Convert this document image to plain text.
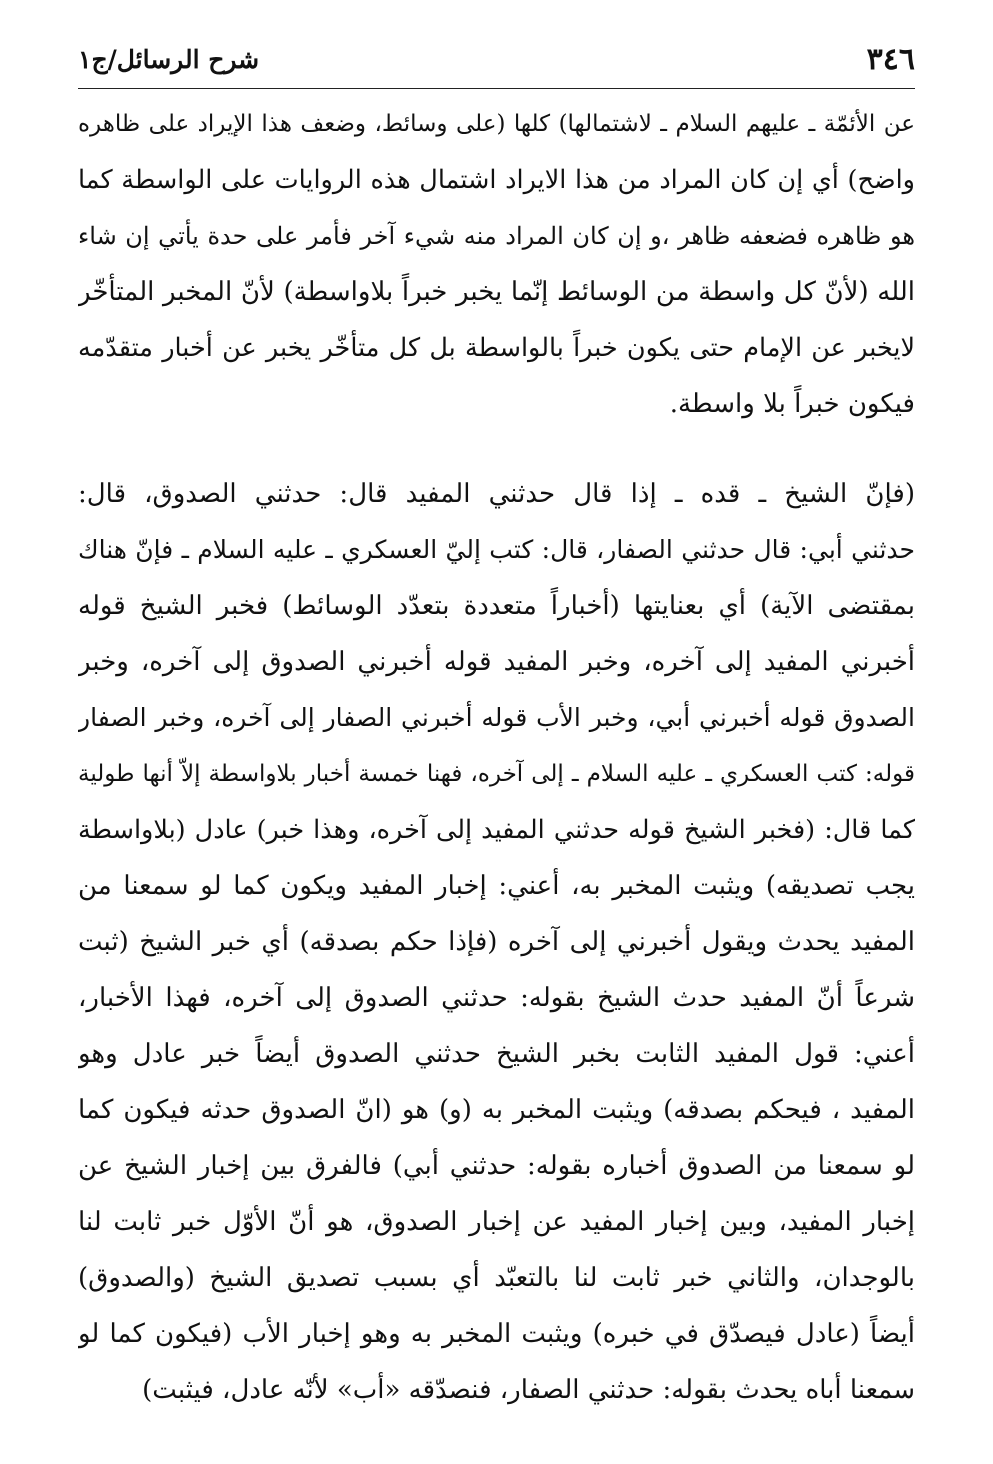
٣٤٦
شرح الرسائل/ج١
عن الأئمّة ـ عليهم السلام ـ لاشتمالها) كلها (على وسائط، وضعف هذا الإيراد على ظاهره
واضح) أي إن كان المراد من هذا الايراد اشتمال هذه الروايات على الواسطة كما
هو ظاهره فضعفه ظاهر ،و إن كان المراد منه شيء آخر فأمر على حدة يأتي إن شاء
الله (لأنّ كل واسطة من الوسائط إنّما يخبر خبراً بلاواسطة) لأنّ المخبر المتأخّر
لايخبر عن الإمام حتى يكون خبراً بالواسطة بل كل متأخّر يخبر عن أخبار متقدّمه
فيكون خبراً بلا واسطة.
(فإنّ الشيخ ـ قده ـ إذا قال حدثني المفيد قال: حدثني الصدوق، قال:
حدثني أبي: قال حدثني الصفار، قال: كتب إليّ العسكري ـ عليه السلام ـ فإنّ هناك
بمقتضى الآية) أي بعنايتها (أخباراً متعددة بتعدّد الوسائط) فخبر الشيخ قوله
أخبرني المفيد إلى آخره، وخبر المفيد قوله أخبرني الصدوق إلى آخره، وخبر
الصدوق قوله أخبرني أبي، وخبر الأب قوله أخبرني الصفار إلى آخره، وخبر الصفار
قوله: كتب العسكري ـ عليه السلام ـ إلى آخره، فهنا خمسة أخبار بلاواسطة إلاّ أنها طولية
كما قال: (فخبر الشيخ قوله حدثني المفيد إلى آخره، وهذا خبر) عادل (بلاواسطة
يجب تصديقه) ويثبت المخبر به، أعني: إخبار المفيد ويكون كما لو سمعنا من
المفيد يحدث ويقول أخبرني إلى آخره (فإذا حكم بصدقه) أي خبر الشيخ (ثبت
شرعاً أنّ المفيد حدث الشيخ بقوله: حدثني الصدوق إلى آخره، فهذا الأخبار،
أعني: قول المفيد الثابت بخبر الشيخ حدثني الصدوق أيضاً خبر عادل وهو
المفيد ، فيحكم بصدقه) ويثبت المخبر به (و) هو (انّ الصدوق حدثه فيكون كما
لو سمعنا من الصدوق أخباره بقوله: حدثني أبي) فالفرق بين إخبار الشيخ عن
إخبار المفيد، وبين إخبار المفيد عن إخبار الصدوق، هو أنّ الأوّل خبر ثابت لنا
بالوجدان، والثاني خبر ثابت لنا بالتعبّد أي بسبب تصديق الشيخ (والصدوق)
أيضاً (عادل فيصدّق في خبره) ويثبت المخبر به وهو إخبار الأب (فيكون كما لو
سمعنا أباه يحدث بقوله: حدثني الصفار، فنصدّقه «أب» لأنّه عادل، فيثبت)
